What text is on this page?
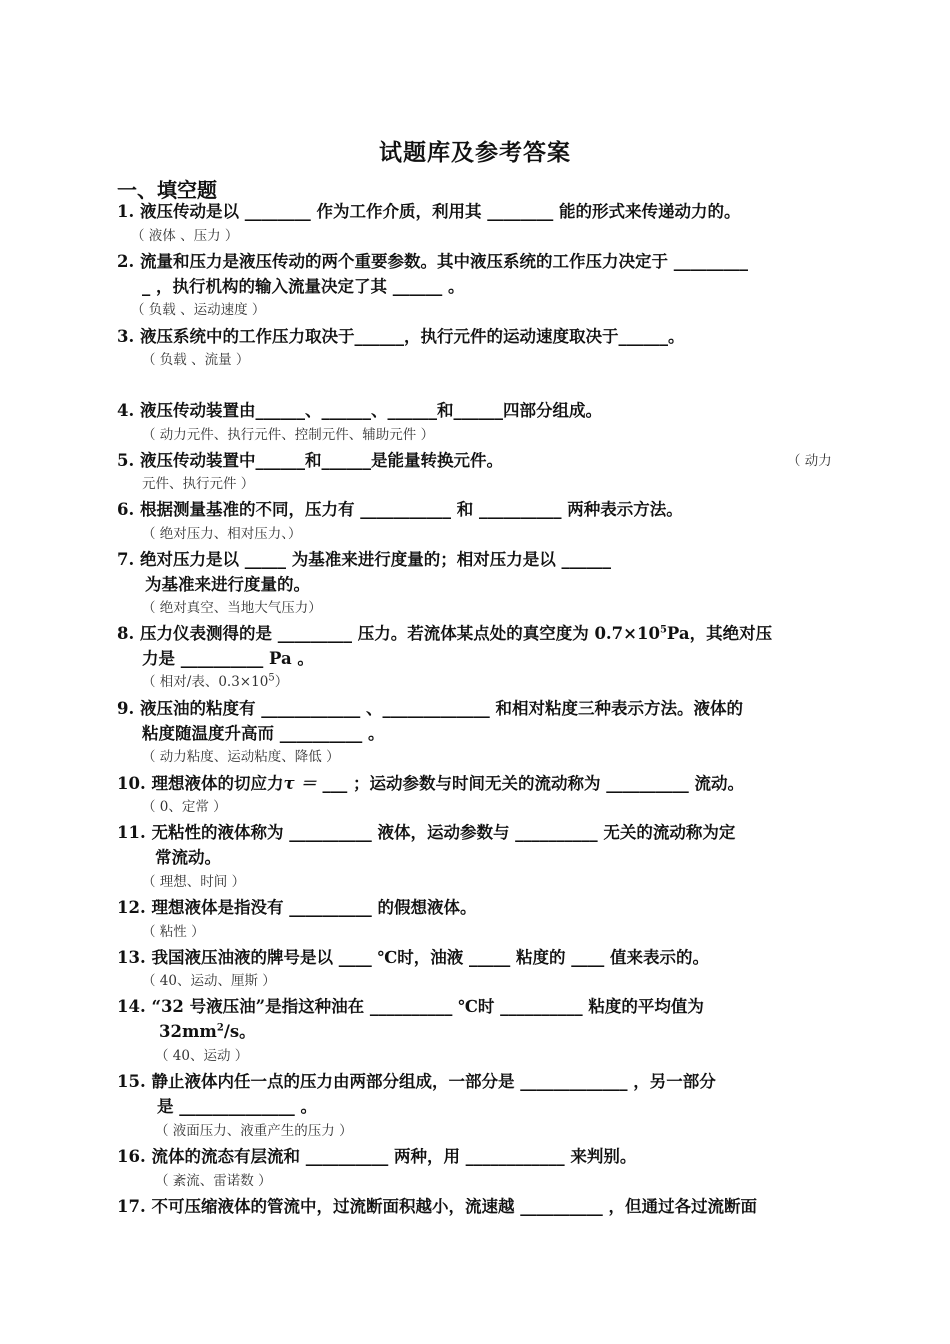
试题库及参考答案
一、填空题
1. 液压传动是以 ________ 作为工作介质，利用其 ________ 能的形式来传递动力的。
（ 液体 、压力 ）
2. 流量和压力是液压传动的两个重要参数。其中液压系统的工作压力决定于 _________
_ ，执行机构的输入流量决定了其 ______ 。
（ 负载 、运动速度 ）
3. 液压系统中的工作压力取决于______，执行元件的运动速度取决于______。
（ 负载 、流量 ）
4. 液压传动装置由______、______、______和______四部分组成。
（ 动力元件、执行元件、控制元件、辅助元件 ）
5. 液压传动装置中______和______是能量转换元件。	（ 动力
元件、执行元件 ）
6. 根据测量基准的不同，压力有 ___________ 和 __________ 两种表示方法。
（ 绝对压力、相对压力、）
7. 绝对压力是以 _____ 为基准来进行度量的；相对压力是以 ______
为基准来进行度量的。
（ 绝对真空、当地大气压力）
8. 压力仪表测得的是 _________ 压力。若流体某点处的真空度为 $0.7\times 10^5Pa$，其绝对压
力是 __________ Pa 。
（ 相对/表、$0.3\times 10^5$）
9. 液压油的粘度有 ____________ 、_____________ 和相对粘度三种表示方法。液体的
粘度随温度升高而 __________ 。
（ 动力粘度、运动粘度、降低 ）
10. 理想液体的切应力τ ＝ ___ ；运动参数与时间无关的流动称为 __________ 流动。
（ 0、定常 ）
11. 无粘性的液体称为 __________ 液体，运动参数与 __________ 无关的流动称为定
常流动。
（ 理想、时间 ）
12. 理想液体是指没有 __________ 的假想液体。
（ 粘性 ）
13. 我国液压油液的牌号是以 ____ ℃时，油液 _____ 粘度的 ____ 值来表示的。
（ 40、运动、厘斯 ）
14. “32 号液压油”是指这种油在 __________ ℃时 __________ 粘度的平均值为
$32mm^2/s$。
（ 40、运动 ）
15. 静止液体内任一点的压力由两部分组成，一部分是 _____________ ，另一部分
是 ______________ 。
（ 液面压力、液重产生的压力 ）
16. 流体的流态有层流和 __________ 两种，用 ____________ 来判别。
（ 紊流、雷诺数 ）
17. 不可压缩液体的管流中，过流断面积越小，流速越 __________ ，但通过各过流断面
